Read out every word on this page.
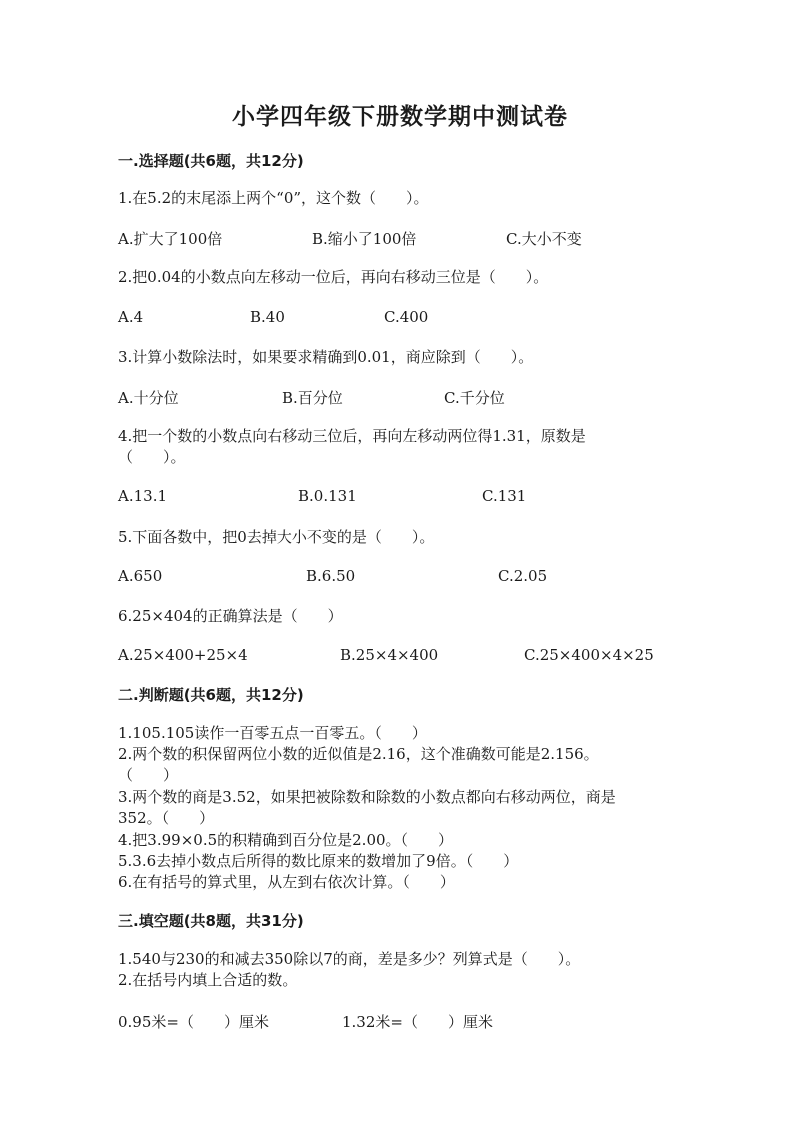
小学四年级下册数学期中测试卷
一.选择题(共6题，共12分)
1.在5.2的末尾添上两个“0”，这个数（　　）。
A.扩大了100倍	B.缩小了100倍	C.大小不变
2.把0.04的小数点向左移动一位后，再向右移动三位是（　　）。
A.4	B.40	C.400
3.计算小数除法时，如果要求精确到0.01，商应除到（　　）。
A.十分位	B.百分位	C.千分位
4.把一个数的小数点向右移动三位后，再向左移动两位得1.31，原数是
（　　）。
A.13.1	B.0.131	C.131
5.下面各数中，把0去掉大小不变的是（　　）。
A.650	B.6.50	C.2.05
6.25×404的正确算法是（　　）
A.25×400+25×4	B.25×4×400	C.25×400×4×25
二.判断题(共6题，共12分)
1.105.105读作一百零五点一百零五。（　　）
2.两个数的积保留两位小数的近似值是2.16，这个准确数可能是2.156。
（　　）
3.两个数的商是3.52，如果把被除数和除数的小数点都向右移动两位，商是
352。（　　）
4.把3.99×0.5的积精确到百分位是2.00。（　　）
5.3.6去掉小数点后所得的数比原来的数增加了9倍。（　　）
6.在有括号的算式里，从左到右依次计算。（　　）
三.填空题(共8题，共31分)
1.540与230的和减去350除以7的商，差是多少？列算式是（　　）。
2.在括号内填上合适的数。
0.95米=（　　）厘米	1.32米=（　　）厘米
